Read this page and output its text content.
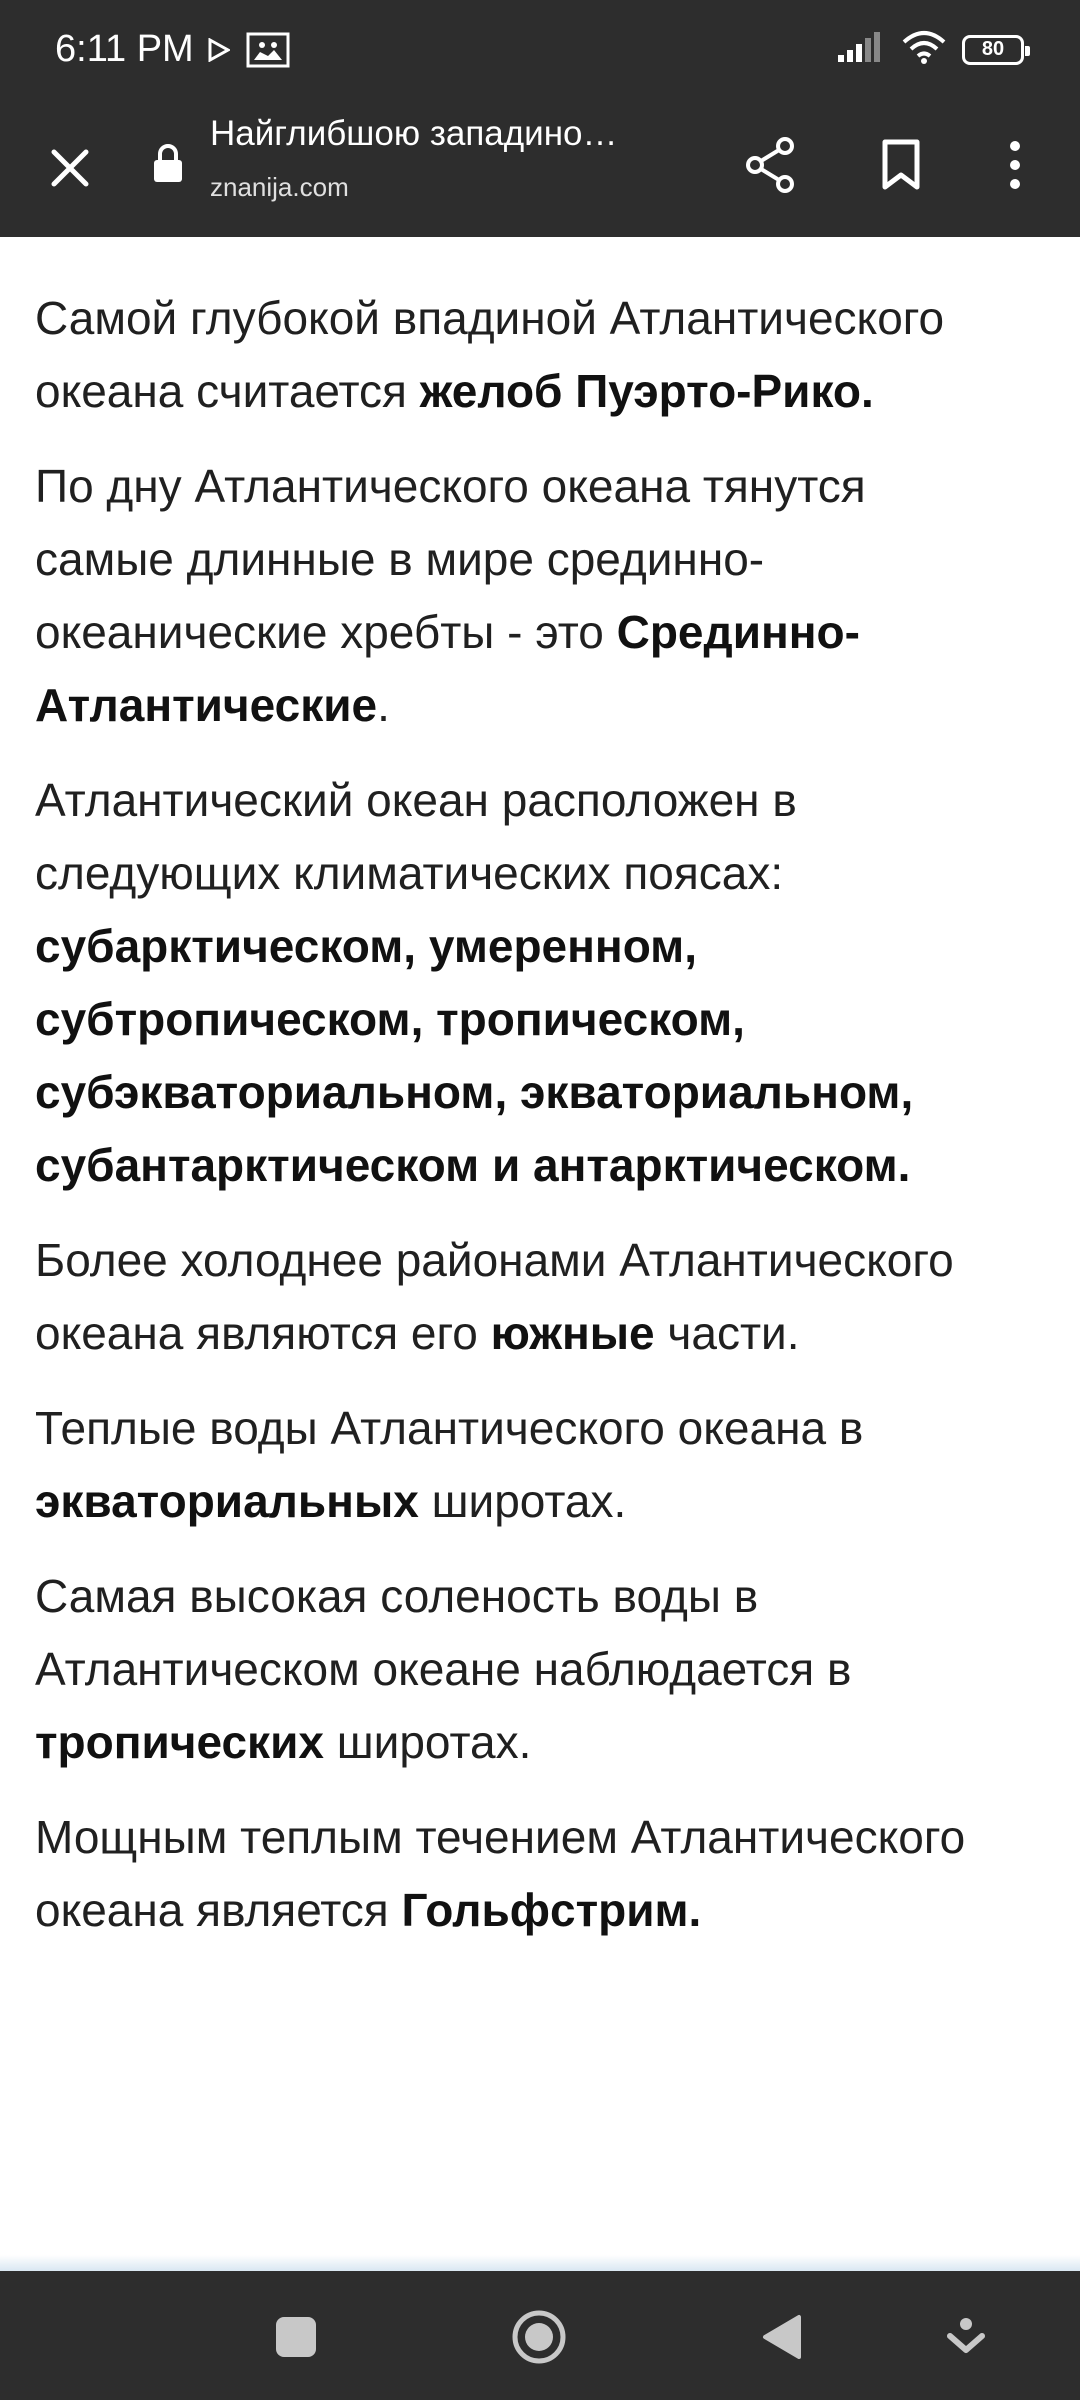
6:11 PM	80
Найглибшою западино…
znanija.com

Самой глубокой впадиной Атлантического
океана считается желоб Пуэрто-Рико.

По дну Атлантического океана тянутся
самые длинные в мире срединно-
океанические хребты - это Срединно-
Атлантические.

Атлантический океан расположен в
следующих климатических поясах:
субарктическом, умеренном,
субтропическом, тропическом,
субэкваториальном, экваториальном,
субантарктическом и антарктическом.

Более холоднее районами Атлантического
океана являются его южные части.

Теплые воды Атлантического океана в
экваториальных широтах.

Самая высокая соленость воды в
Атлантическом океане наблюдается в
тропических широтах.

Мощным теплым течением Атлантического
океана является Гольфстрим.
